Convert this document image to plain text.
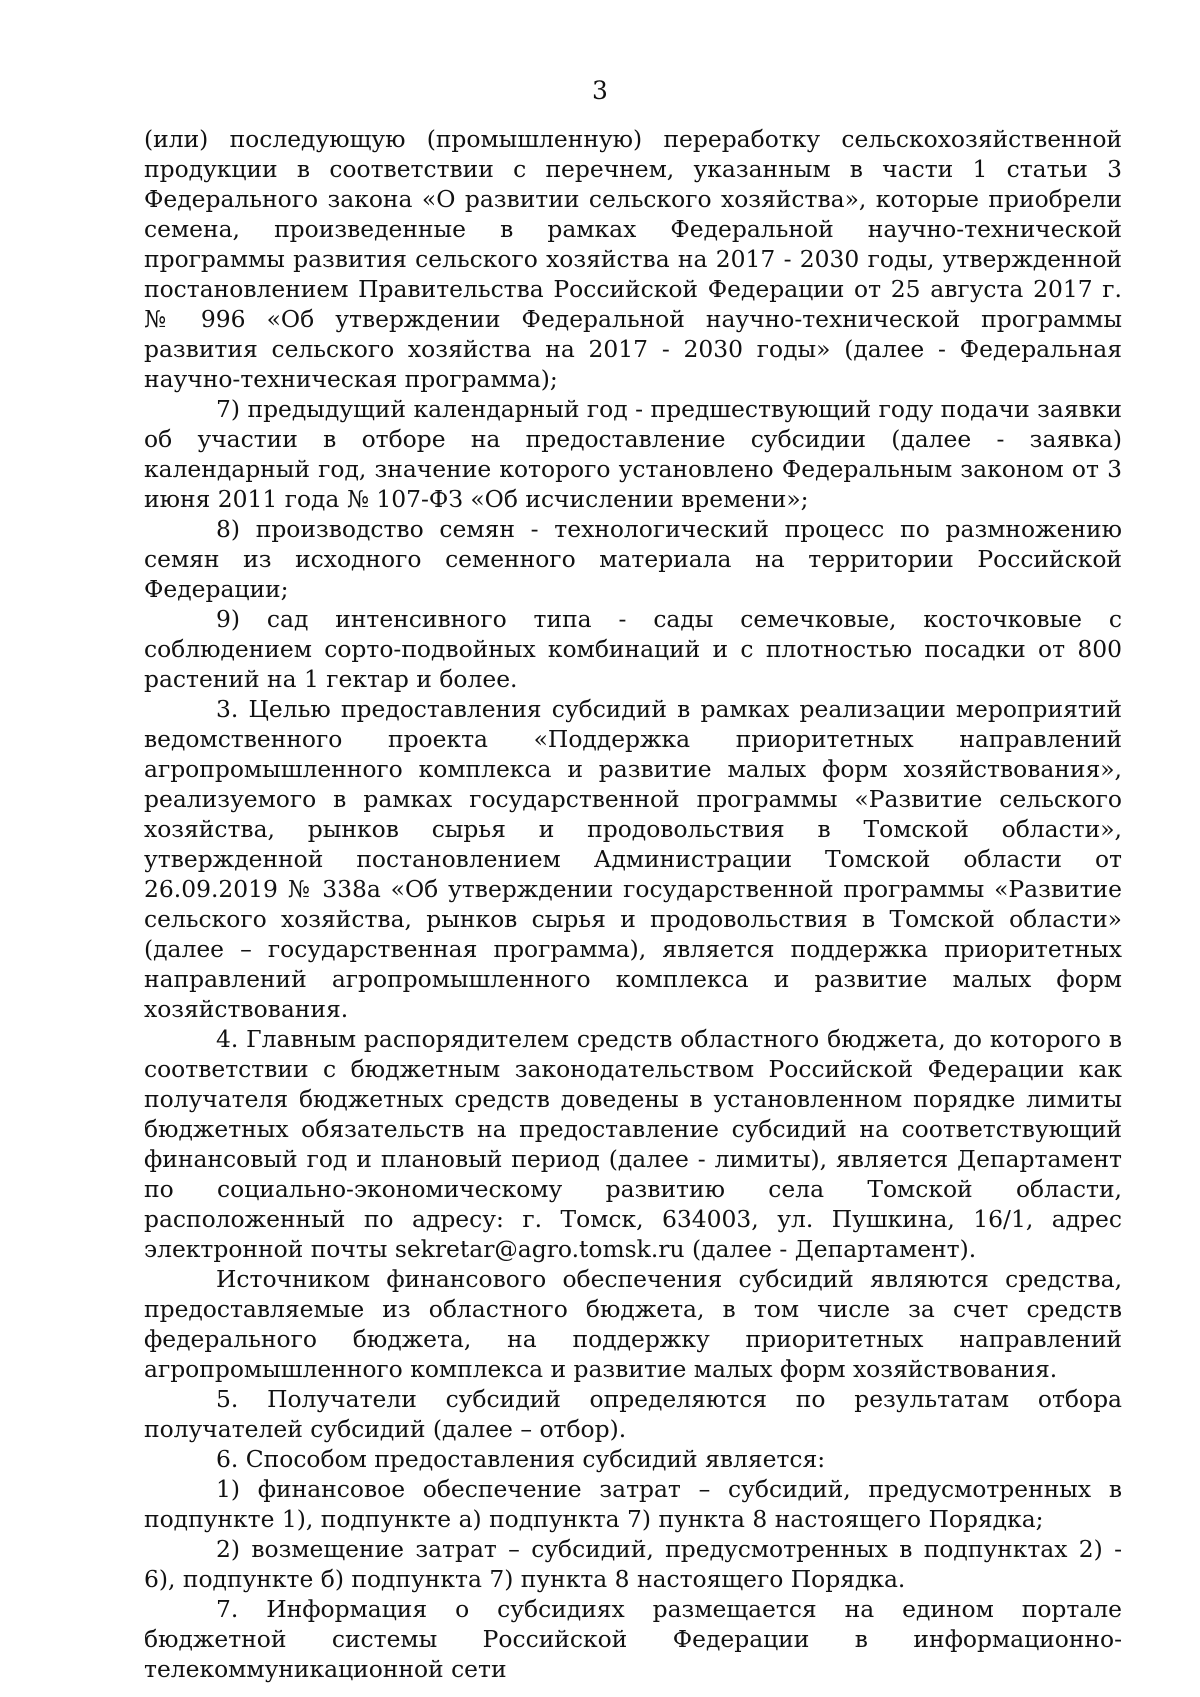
3

(или) последующую (промышленную) переработку сельскохозяйственной продукции в соответствии с перечнем, указанным в части 1 статьи 3 Федерального закона «О развитии сельского хозяйства», которые приобрели семена, произведенные в рамках Федеральной научно-технической программы развития сельского хозяйства на 2017 - 2030 годы, утвержденной постановлением Правительства Российской Федерации от 25 августа 2017 г. № 996 «Об утверждении Федеральной научно-технической программы развития сельского хозяйства на 2017 - 2030 годы» (далее - Федеральная научно-техническая программа);

7) предыдущий календарный год - предшествующий году подачи заявки об участии в отборе на предоставление субсидии (далее - заявка) календарный год, значение которого установлено Федеральным законом от 3 июня 2011 года № 107-ФЗ «Об исчислении времени»;

8) производство семян - технологический процесс по размножению семян из исходного семенного материала на территории Российской Федерации;

9) сад интенсивного типа - сады семечковые, косточковые с соблюдением сорто-подвойных комбинаций и с плотностью посадки от 800 растений на 1 гектар и более.

3. Целью предоставления субсидий в рамках реализации мероприятий ведомственного проекта «Поддержка приоритетных направлений агропромышленного комплекса и развитие малых форм хозяйствования», реализуемого в рамках государственной программы «Развитие сельского хозяйства, рынков сырья и продовольствия в Томской области», утвержденной постановлением Администрации Томской области от 26.09.2019 № 338а «Об утверждении государственной программы «Развитие сельского хозяйства, рынков сырья и продовольствия в Томской области» (далее – государственная программа), является поддержка приоритетных направлений агропромышленного комплекса и развитие малых форм хозяйствования.

4. Главным распорядителем средств областного бюджета, до которого в соответствии с бюджетным законодательством Российской Федерации как получателя бюджетных средств доведены в установленном порядке лимиты бюджетных обязательств на предоставление субсидий на соответствующий финансовый год и плановый период (далее - лимиты), является Департамент по социально-экономическому развитию села Томской области, расположенный по адресу: г. Томск, 634003, ул. Пушкина, 16/1, адрес электронной почты sekretar@agro.tomsk.ru (далее - Департамент).

Источником финансового обеспечения субсидий являются средства, предоставляемые из областного бюджета, в том числе за счет средств федерального бюджета, на поддержку приоритетных направлений агропромышленного комплекса и развитие малых форм хозяйствования.

5. Получатели субсидий определяются по результатам отбора получателей субсидий (далее – отбор).

6. Способом предоставления субсидий является:

1) финансовое обеспечение затрат – субсидий, предусмотренных в подпункте 1), подпункте а) подпункта 7) пункта 8 настоящего Порядка;

2) возмещение затрат – субсидий, предусмотренных в подпунктах 2) - 6), подпункте б) подпункта 7) пункта 8 настоящего Порядка.

7. Информация о субсидиях размещается на едином портале бюджетной системы Российской Федерации в информационно-телекоммуникационной сети
